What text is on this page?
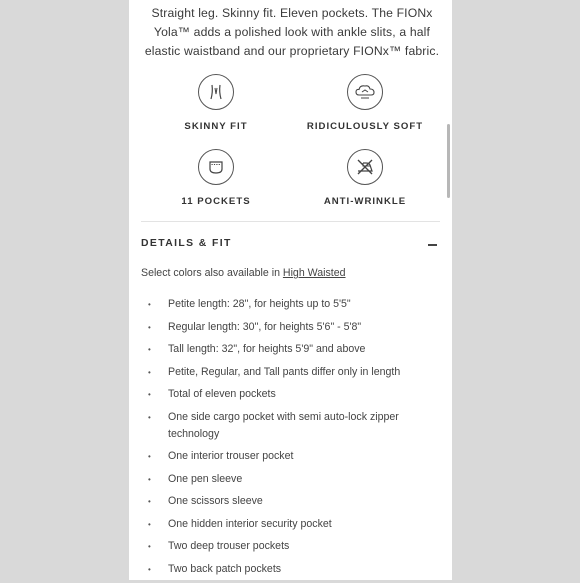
Straight leg. Skinny fit. Eleven pockets. The FIONx

Yola™ adds a polished look with ankle slits, a half

elastic waistband and our proprietary FIONx™ fabric.

SKINNY FIT	RIDICULOUSLY SOFT
11 POCKETS	ANTI-WRINKLE
DETAILS & FIT
Select colors also available in High Waisted
• Petite length: 28", for heights up to 5'5"
• Regular length: 30", for heights 5'6" - 5'8"
• Tall length: 32", for heights 5'9" and above
• Petite, Regular, and Tall pants differ only in length
• Total of eleven pockets
• One side cargo pocket with semi auto-lock zipper technology
• One interior trouser pocket
• One pen sleeve
• One scissors sleeve
• One hidden interior security pocket
• Two deep trouser pockets
• Two back patch pockets
